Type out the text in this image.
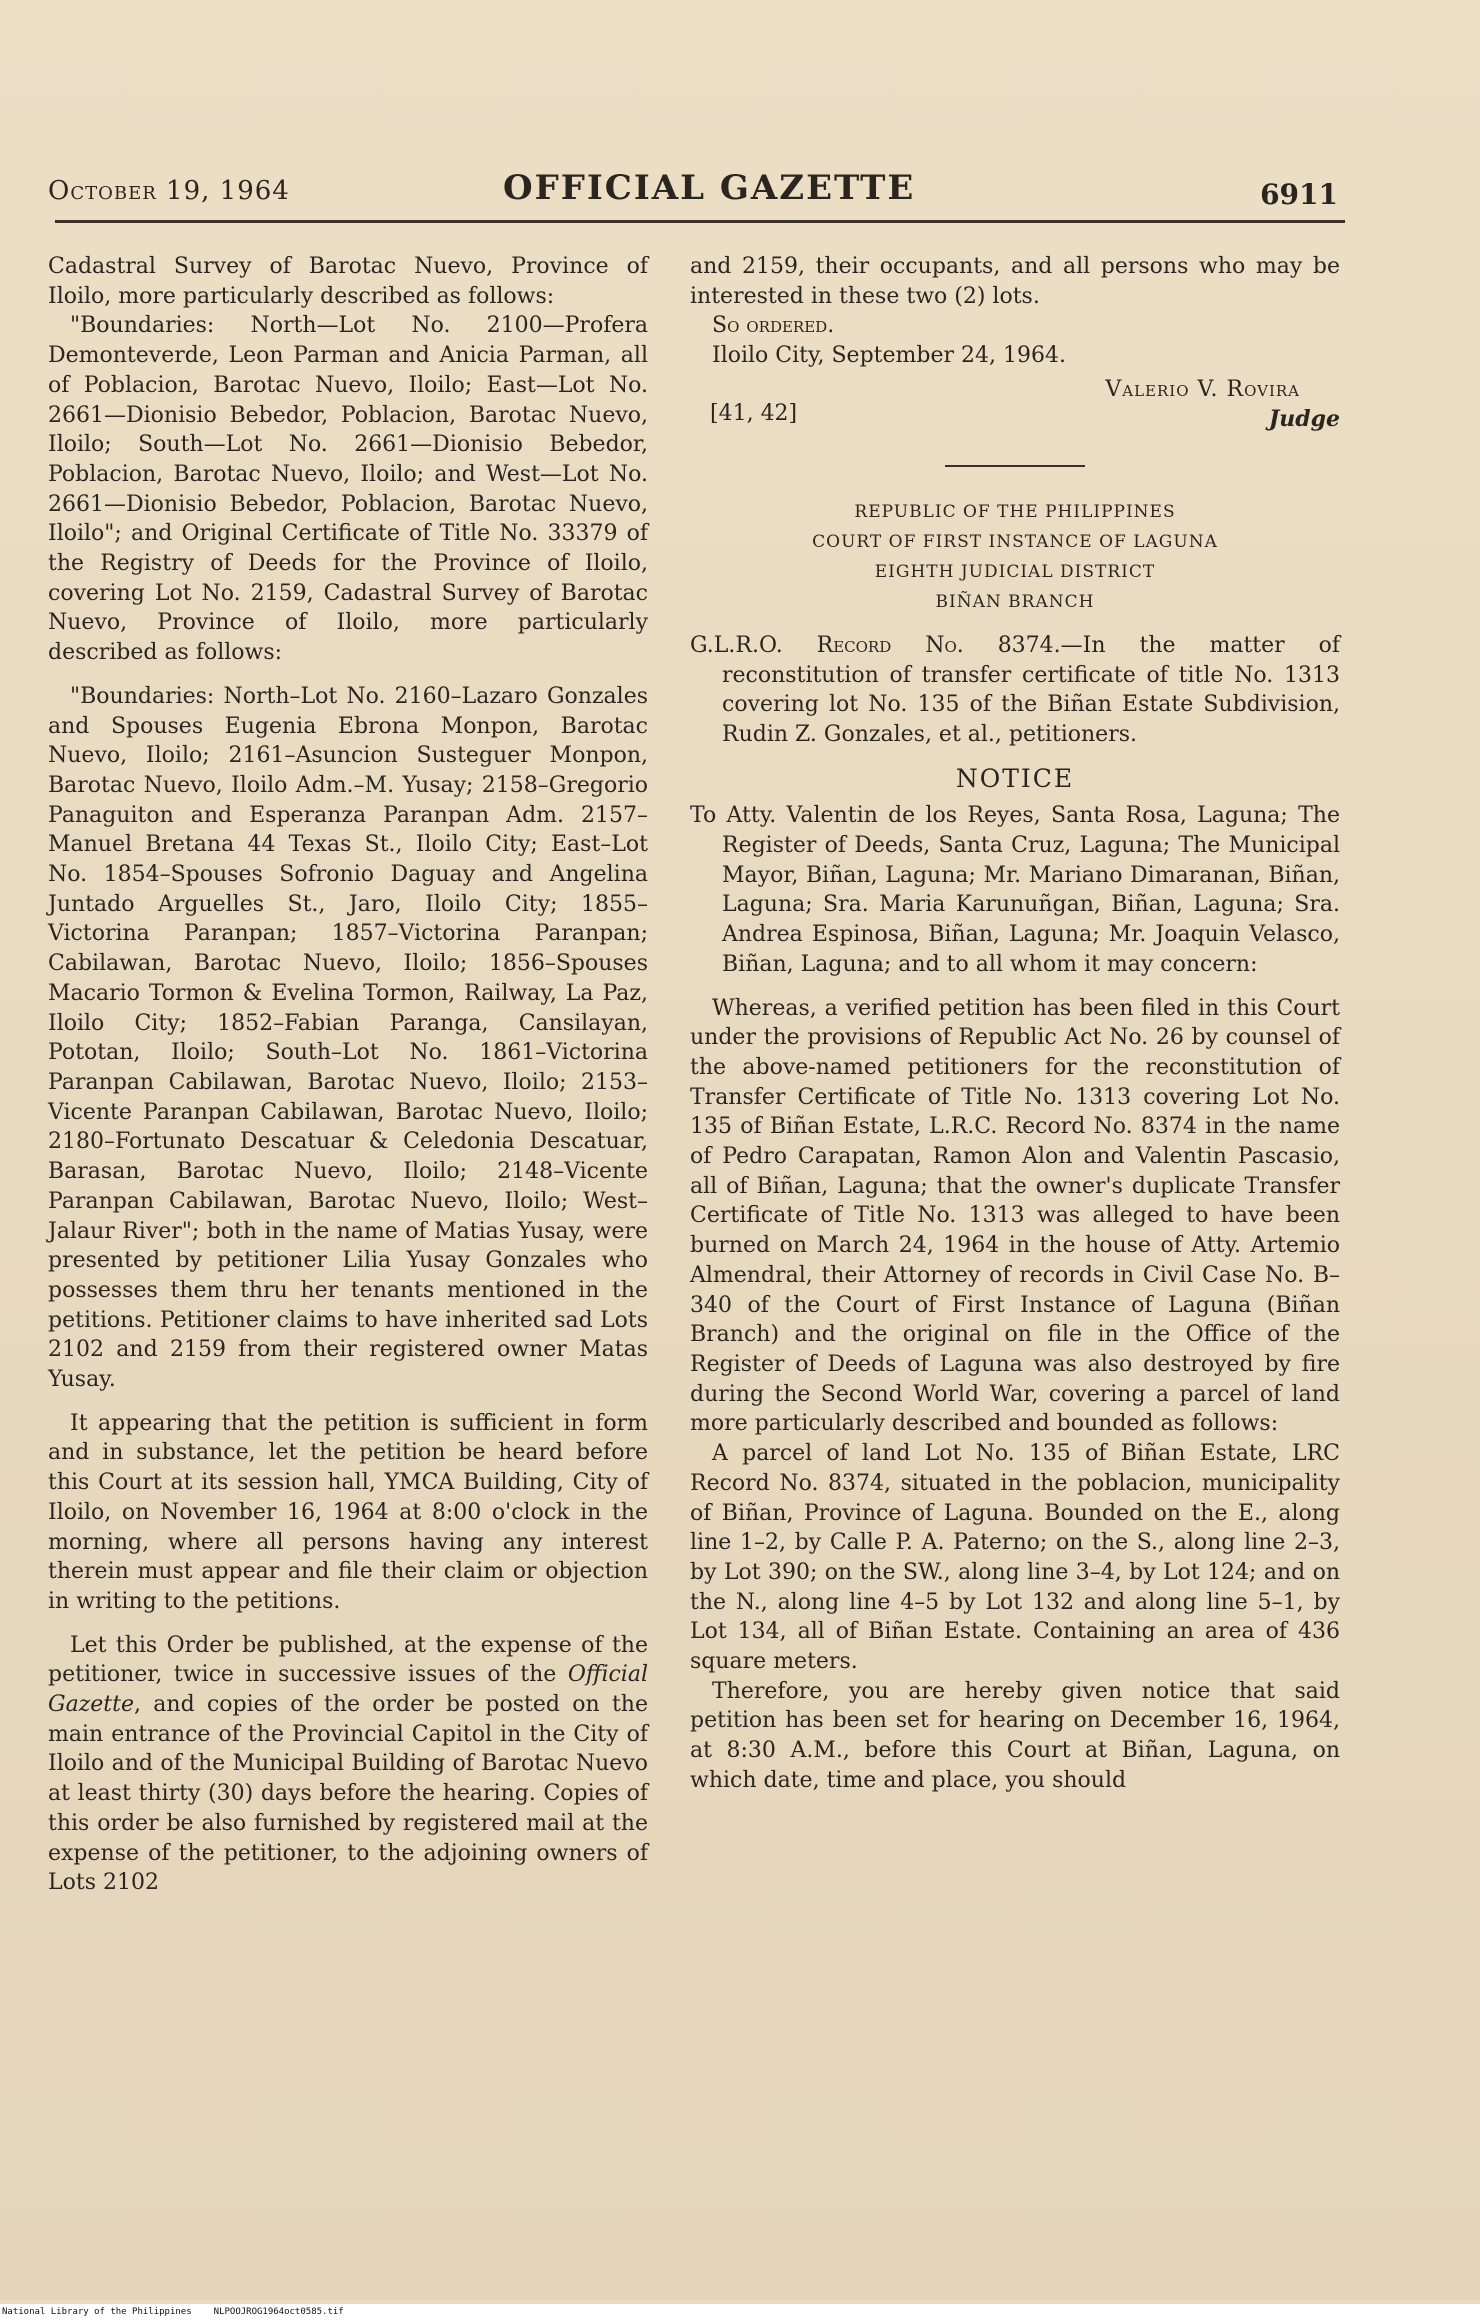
October 19, 1964	OFFICIAL GAZETTE	6911

Cadastral Survey of Barotac Nuevo, Province of Iloilo, more particularly described as follows:

"Boundaries: North—Lot No. 2100—Profera Demonteverde, Leon Parman and Anicia Parman, all of Poblacion, Barotac Nuevo, Iloilo; East—Lot No. 2661—Dionisio Bebedor, Poblacion, Barotac Nuevo, Iloilo; South—Lot No. 2661—Dionisio Bebedor, Poblacion, Barotac Nuevo, Iloilo; and West—Lot No. 2661—Dionisio Bebedor, Poblacion, Barotac Nuevo, Iloilo"; and Original Certificate of Title No. 33379 of the Registry of Deeds for the Province of Iloilo, covering Lot No. 2159, Cadastral Survey of Barotac Nuevo, Province of Iloilo, more particularly described as follows:

"Boundaries: North–Lot No. 2160–Lazaro Gonzales and Spouses Eugenia Ebrona Monpon, Barotac Nuevo, Iloilo; 2161–Asuncion Susteguer Monpon, Barotac Nuevo, Iloilo Adm.–M. Yusay; 2158–Gregorio Panaguiton and Esperanza Paranpan Adm. 2157–Manuel Bretana 44 Texas St., Iloilo City; East–Lot No. 1854–Spouses Sofronio Daguay and Angelina Juntado Arguelles St., Jaro, Iloilo City; 1855–Victorina Paranpan; 1857–Victorina Paranpan; Cabilawan, Barotac Nuevo, Iloilo; 1856–Spouses Macario Tormon & Evelina Tormon, Railway, La Paz, Iloilo City; 1852–Fabian Paranga, Cansilayan, Pototan, Iloilo; South–Lot No. 1861–Victorina Paranpan Cabilawan, Barotac Nuevo, Iloilo; 2153–Vicente Paranpan Cabilawan, Barotac Nuevo, Iloilo; 2180–Fortunato Descatuar & Celedonia Descatuar, Barasan, Barotac Nuevo, Iloilo; 2148–Vicente Paranpan Cabilawan, Barotac Nuevo, Iloilo; West–Jalaur River"; both in the name of Matias Yusay, were presented by petitioner Lilia Yusay Gonzales who possesses them thru her tenants mentioned in the petitions. Petitioner claims to have inherited sad Lots 2102 and 2159 from their registered owner Matas Yusay.

It appearing that the petition is sufficient in form and in substance, let the petition be heard before this Court at its session hall, YMCA Building, City of Iloilo, on November 16, 1964 at 8:00 o'clock in the morning, where all persons having any interest therein must appear and file their claim or objection in writing to the petitions.

Let this Order be published, at the expense of the petitioner, twice in successive issues of the Official Gazette, and copies of the order be posted on the main entrance of the Provincial Capitol in the City of Iloilo and of the Municipal Building of Barotac Nuevo at least thirty (30) days before the hearing. Copies of this order be also furnished by registered mail at the expense of the petitioner, to the adjoining owners of Lots 2102

and 2159, their occupants, and all persons who may be interested in these two (2) lots.

So ordered.

Iloilo City, September 24, 1964.

Valerio V. Rovira
[41, 42]	Judge
REPUBLIC OF THE PHILIPPINES
COURT OF FIRST INSTANCE OF LAGUNA
EIGHTH JUDICIAL DISTRICT
BIÑAN BRANCH

G.L.R.O. Record No. 8374.—In the matter of reconstitution of transfer certificate of title No. 1313 covering lot No. 135 of the Biñan Estate Subdivision, Rudin Z. Gonzales, et al., petitioners.

NOTICE

To Atty. Valentin de los Reyes, Santa Rosa, Laguna; The Register of Deeds, Santa Cruz, Laguna; The Municipal Mayor, Biñan, Laguna; Mr. Mariano Dimaranan, Biñan, Laguna; Sra. Maria Karunuñgan, Biñan, Laguna; Sra. Andrea Espinosa, Biñan, Laguna; Mr. Joaquin Velasco, Biñan, Laguna; and to all whom it may concern:

Whereas, a verified petition has been filed in this Court under the provisions of Republic Act No. 26 by counsel of the above-named petitioners for the reconstitution of Transfer Certificate of Title No. 1313 covering Lot No. 135 of Biñan Estate, L.R.C. Record No. 8374 in the name of Pedro Carapatan, Ramon Alon and Valentin Pascasio, all of Biñan, Laguna; that the owner's duplicate Transfer Certificate of Title No. 1313 was alleged to have been burned on March 24, 1964 in the house of Atty. Artemio Almendral, their Attorney of records in Civil Case No. B–340 of the Court of First Instance of Laguna (Biñan Branch) and the original on file in the Office of the Register of Deeds of Laguna was also destroyed by fire during the Second World War, covering a parcel of land more particularly described and bounded as follows:

A parcel of land Lot No. 135 of Biñan Estate, LRC Record No. 8374, situated in the poblacion, municipality of Biñan, Province of Laguna. Bounded on the E., along line 1–2, by Calle P. A. Paterno; on the S., along line 2–3, by Lot 390; on the SW., along line 3–4, by Lot 124; and on the N., along line 4–5 by Lot 132 and along line 5–1, by Lot 134, all of Biñan Estate. Containing an area of 436 square meters.

Therefore, you are hereby given notice that said petition has been set for hearing on December 16, 1964, at 8:30 A.M., before this Court at Biñan, Laguna, on which date, time and place, you should

National Library of the Philippines NLPOOJROG1964oct0585.tif
